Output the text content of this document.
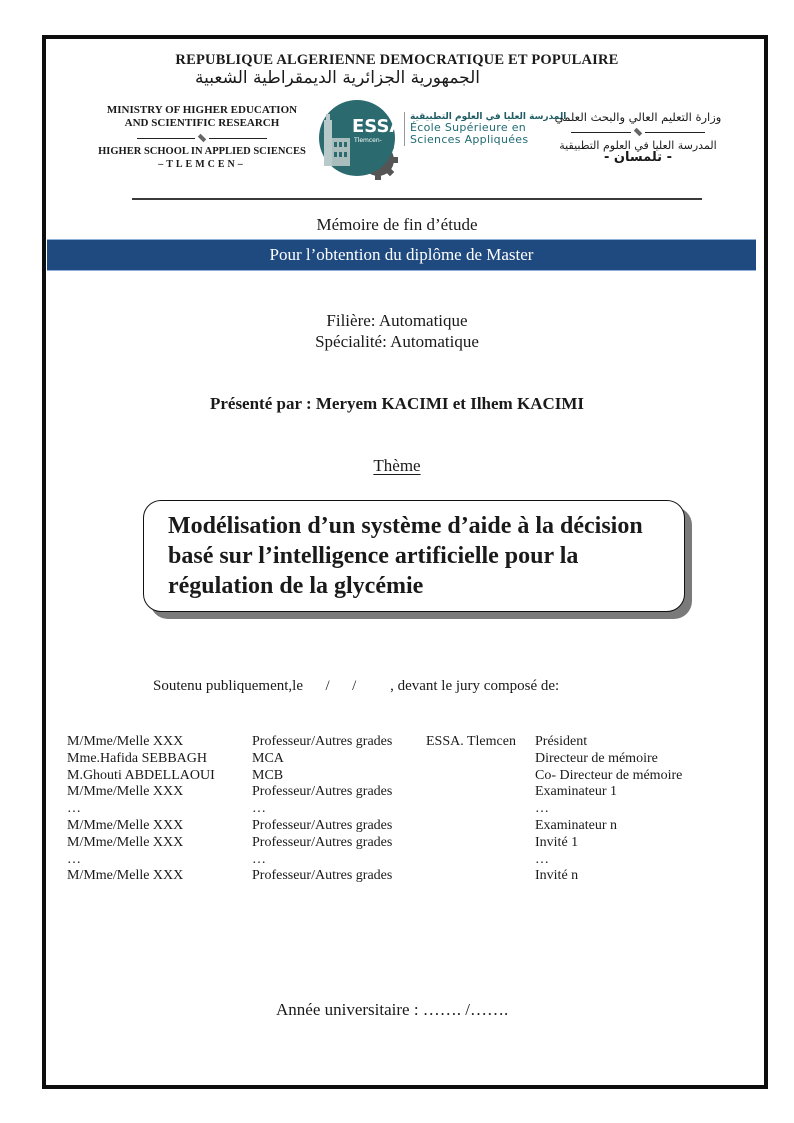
REPUBLIQUE ALGERIENNE DEMOCRATIQUE ET POPULAIRE
الجمهورية الجزائرية الديمقراطية الشعبية
MINISTRY OF HIGHER EDUCATION
AND SCIENTIFIC RESEARCH
HIGHER SCHOOL IN APPLIED SCIENCES
–TLEMCEN–
ESSA
Tlemcen-
المدرسة العليا في العلوم التطبيقية
École Supérieure en
Sciences Appliquées
وزارة التعليم العالي والبحث العلمي
المدرسة العليا في العلوم التطبيقية
- تلمسان -
Mémoire de fin d’étude
Pour l’obtention du diplôme de Master
Filière: Automatique
Spécialité: Automatique
Présenté par : Meryem KACIMI et Ilhem KACIMI
Thème
Modélisation d’un système d’aide à la décision
basé sur l’intelligence artificielle pour la
régulation de la glycémie
Soutenu publiquement,le      /      /         , devant le jury composé de:
M/Mme/Melle XXX	Professeur/Autres grades	ESSA. Tlemcen	Président
Mme.Hafida SEBBAGH	MCA		Directeur de mémoire
M.Ghouti ABDELLAOUI	MCB		Co- Directeur de mémoire
M/Mme/Melle XXX	Professeur/Autres grades		Examinateur 1
…	…		…
M/Mme/Melle XXX	Professeur/Autres grades		Examinateur n
M/Mme/Melle XXX	Professeur/Autres grades		Invité 1
…	…		…
M/Mme/Melle XXX	Professeur/Autres grades		Invité n
Année universitaire : ……. /…….
